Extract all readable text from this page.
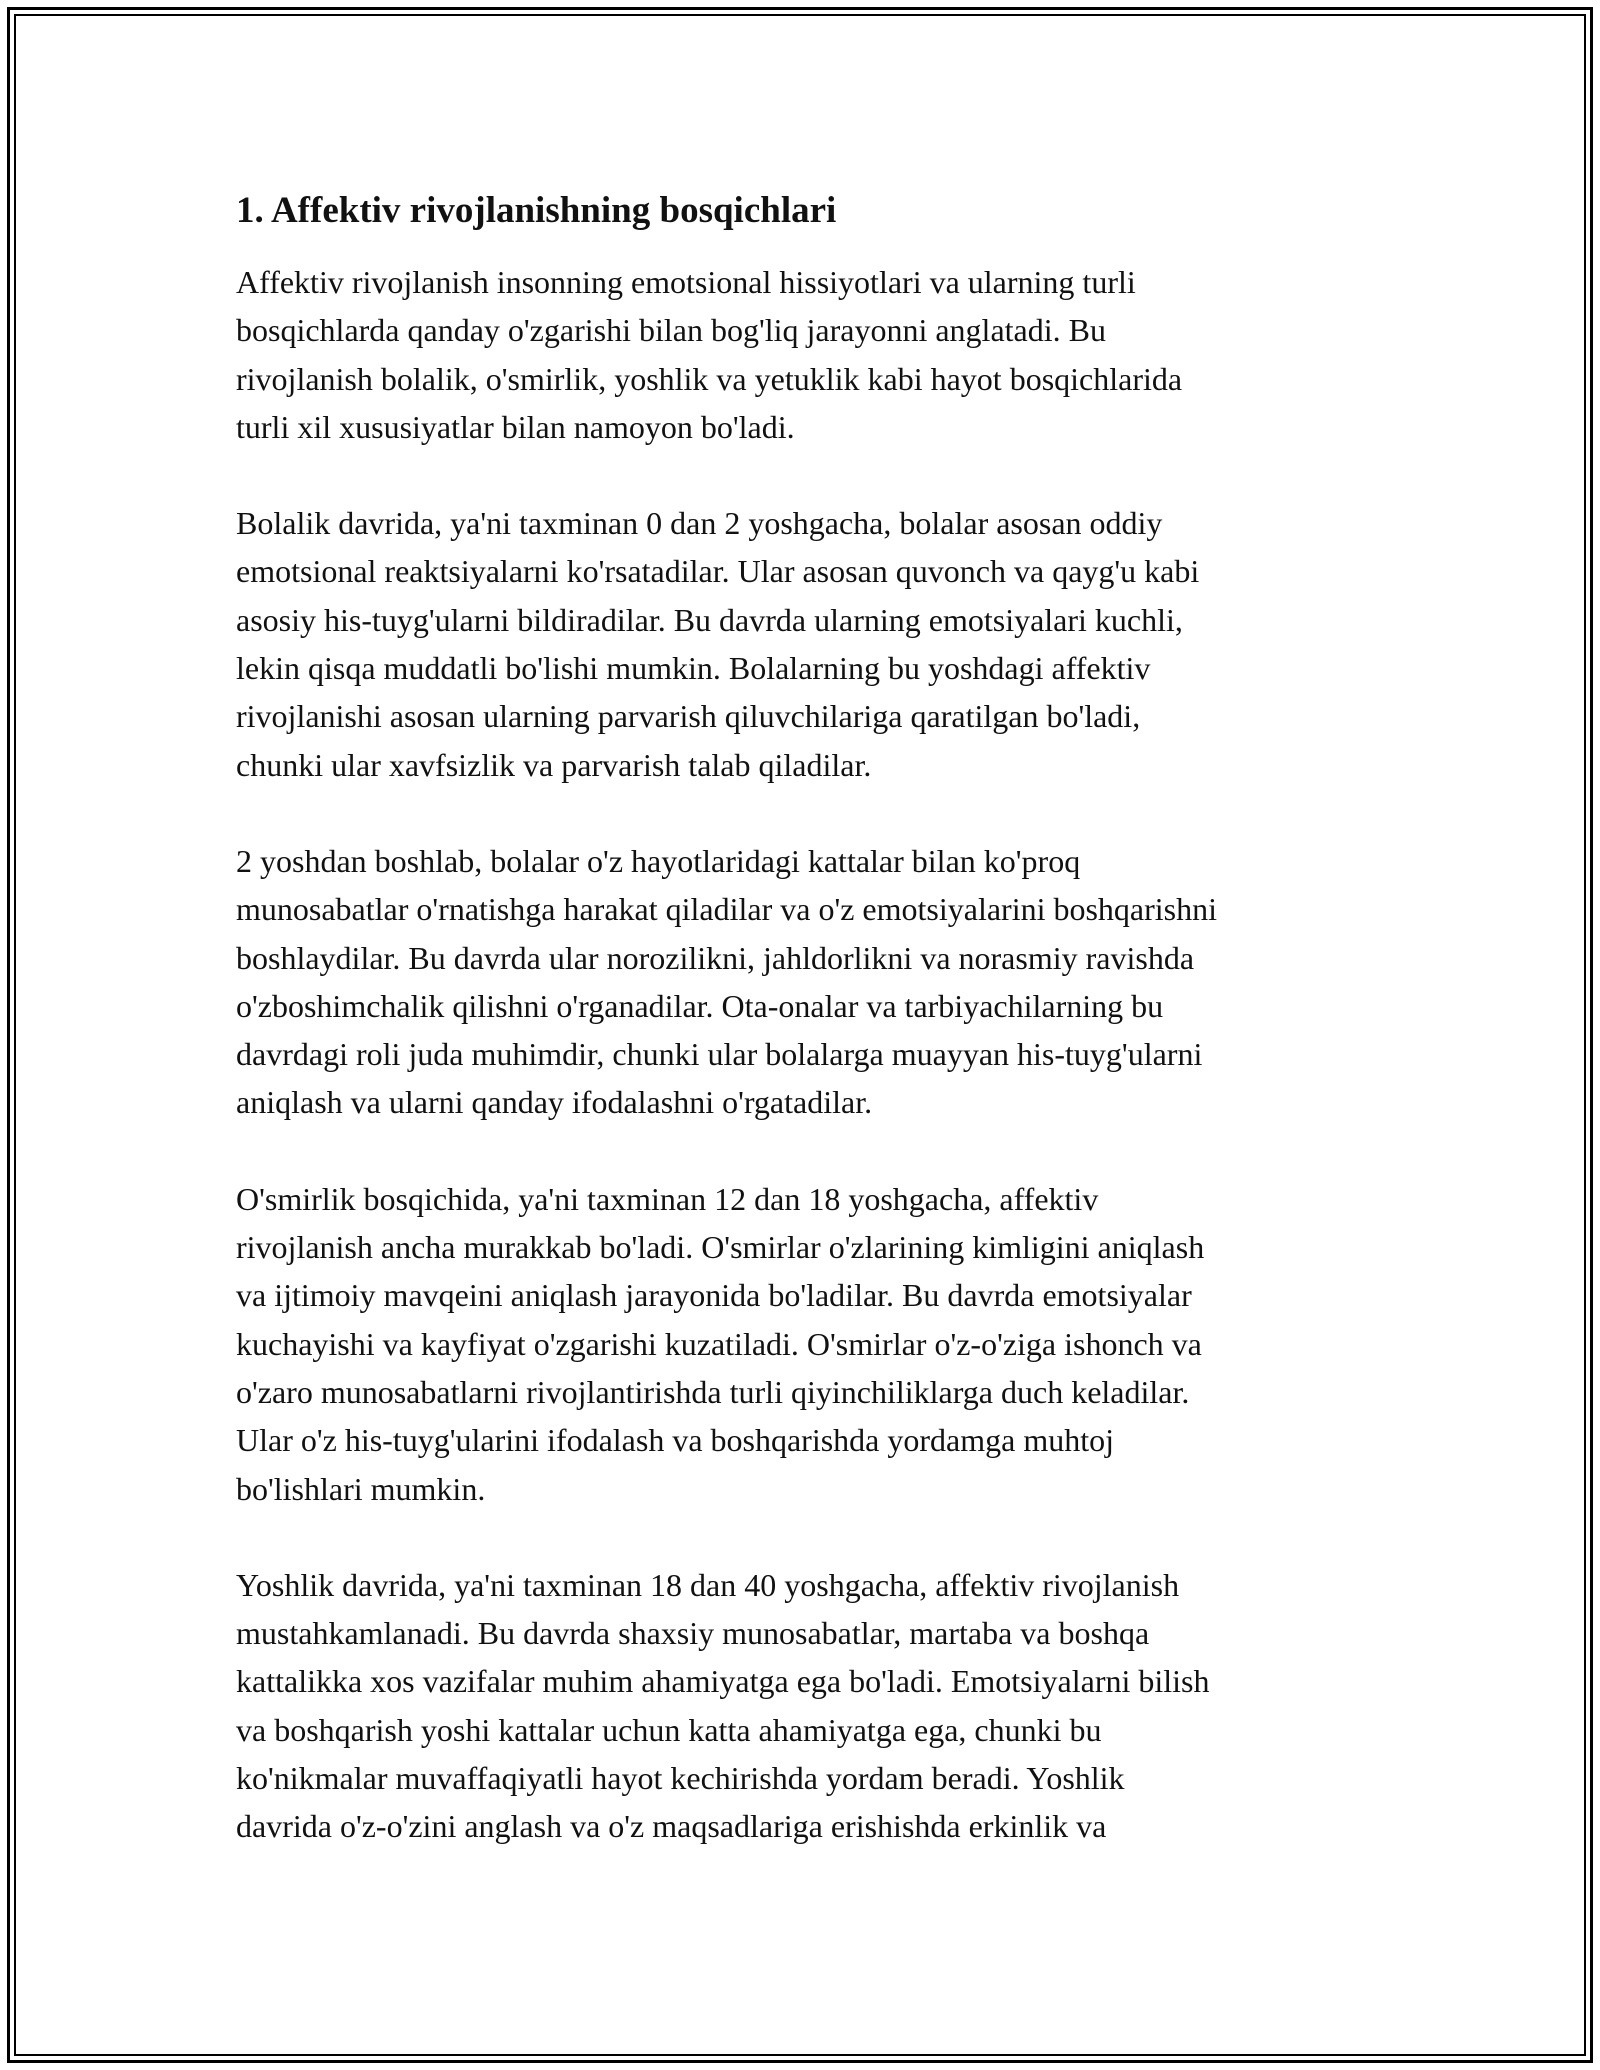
1. Affektiv rivojlanishning bosqichlari

Affektiv rivojlanish insonning emotsional hissiyotlari va ularning turli
bosqichlarda qanday o'zgarishi bilan bog'liq jarayonni anglatadi. Bu
rivojlanish bolalik, o'smirlik, yoshlik va yetuklik kabi hayot bosqichlarida
turli xil xususiyatlar bilan namoyon bo'ladi.

Bolalik davrida, ya'ni taxminan 0 dan 2 yoshgacha, bolalar asosan oddiy
emotsional reaktsiyalarni ko'rsatadilar. Ular asosan quvonch va qayg'u kabi
asosiy his-tuyg'ularni bildiradilar. Bu davrda ularning emotsiyalari kuchli,
lekin qisqa muddatli bo'lishi mumkin. Bolalarning bu yoshdagi affektiv
rivojlanishi asosan ularning parvarish qiluvchilariga qaratilgan bo'ladi,
chunki ular xavfsizlik va parvarish talab qiladilar.

2 yoshdan boshlab, bolalar o'z hayotlaridagi kattalar bilan ko'proq
munosabatlar o'rnatishga harakat qiladilar va o'z emotsiyalarini boshqarishni
boshlaydilar. Bu davrda ular norozilikni, jahldorlikni va norasmiy ravishda
o'zboshimchalik qilishni o'rganadilar. Ota-onalar va tarbiyachilarning bu
davrdagi roli juda muhimdir, chunki ular bolalarga muayyan his-tuyg'ularni
aniqlash va ularni qanday ifodalashni o'rgatadilar.

O'smirlik bosqichida, ya'ni taxminan 12 dan 18 yoshgacha, affektiv
rivojlanish ancha murakkab bo'ladi. O'smirlar o'zlarining kimligini aniqlash
va ijtimoiy mavqeini aniqlash jarayonida bo'ladilar. Bu davrda emotsiyalar
kuchayishi va kayfiyat o'zgarishi kuzatiladi. O'smirlar o'z-o'ziga ishonch va
o'zaro munosabatlarni rivojlantirishda turli qiyinchiliklarga duch keladilar.
Ular o'z his-tuyg'ularini ifodalash va boshqarishda yordamga muhtoj
bo'lishlari mumkin.

Yoshlik davrida, ya'ni taxminan 18 dan 40 yoshgacha, affektiv rivojlanish
mustahkamlanadi. Bu davrda shaxsiy munosabatlar, martaba va boshqa
kattalikka xos vazifalar muhim ahamiyatga ega bo'ladi. Emotsiyalarni bilish
va boshqarish yoshi kattalar uchun katta ahamiyatga ega, chunki bu
ko'nikmalar muvaffaqiyatli hayot kechirishda yordam beradi. Yoshlik
davrida o'z-o'zini anglash va o'z maqsadlariga erishishda erkinlik va
